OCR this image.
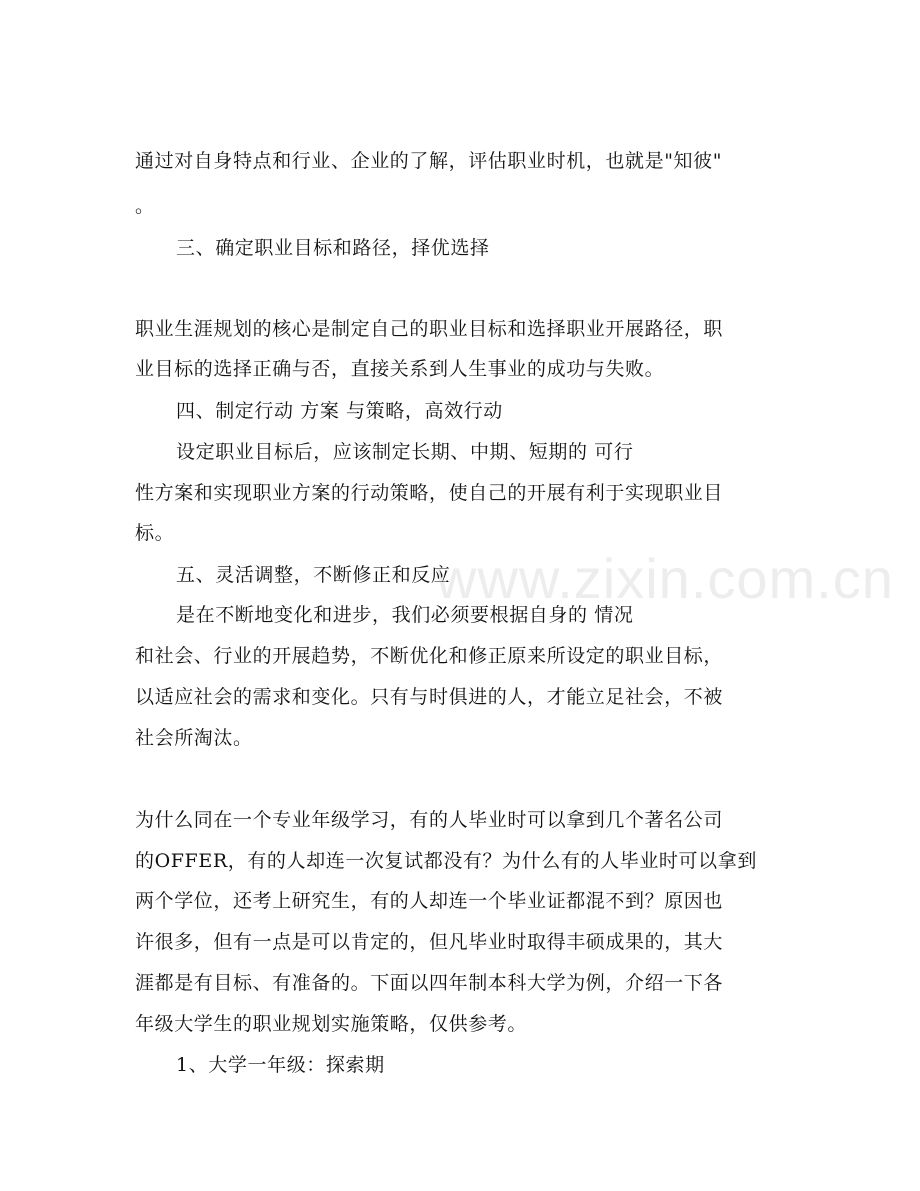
www.zixin.com.cn
通过对自身特点和行业、企业的了解，评估职业时机，也就是"知彼"
。
三、确定职业目标和路径，择优选择
职业生涯规划的核心是制定自己的职业目标和选择职业开展路径，职
业目标的选择正确与否，直接关系到人生事业的成功与失败。
四、制定行动 方案 与策略，高效行动
设定职业目标后，应该制定长期、中期、短期的 可行
性方案和实现职业方案的行动策略，使自己的开展有利于实现职业目
标。
五、灵活调整，不断修正和反应
是在不断地变化和进步，我们必须要根据自身的 情况
和社会、行业的开展趋势，不断优化和修正原来所设定的职业目标，
以适应社会的需求和变化。只有与时俱进的人，才能立足社会，不被
社会所淘汰。
为什么同在一个专业年级学习，有的人毕业时可以拿到几个著名公司
的OFFER，有的人却连一次复试都没有？为什么有的人毕业时可以拿到
两个学位，还考上研究生，有的人却连一个毕业证都混不到？原因也
许很多，但有一点是可以肯定的，但凡毕业时取得丰硕成果的，其大
涯都是有目标、有准备的。下面以四年制本科大学为例，介绍一下各
年级大学生的职业规划实施策略，仅供参考。
1、大学一年级：探索期
